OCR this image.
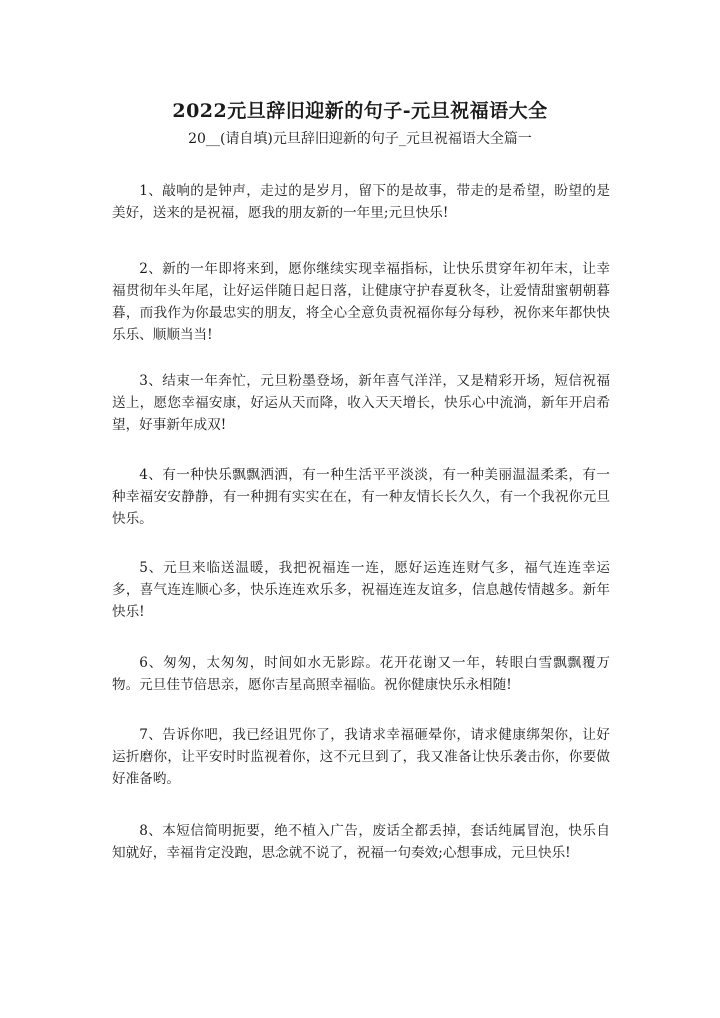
2022元旦辞旧迎新的句子-元旦祝福语大全
20__(请自填)元旦辞旧迎新的句子_元旦祝福语大全篇一

1、敲响的是钟声，走过的是岁月，留下的是故事，带走的是希望，盼望的是美好，送来的是祝福，愿我的朋友新的一年里;元旦快乐!

2、新的一年即将来到，愿你继续实现幸福指标，让快乐贯穿年初年末，让幸福贯彻年头年尾，让好运伴随日起日落，让健康守护春夏秋冬，让爱情甜蜜朝朝暮暮，而我作为你最忠实的朋友，将全心全意负责祝福你每分每秒，祝你来年都快快乐乐、顺顺当当!

3、结束一年奔忙，元旦粉墨登场，新年喜气洋洋，又是精彩开场，短信祝福送上，愿您幸福安康，好运从天而降，收入天天增长，快乐心中流淌，新年开启希望，好事新年成双!

4、有一种快乐飘飘洒洒，有一种生活平平淡淡，有一种美丽温温柔柔，有一种幸福安安静静，有一种拥有实实在在，有一种友情长长久久，有一个我祝你元旦快乐。

5、元旦来临送温暖，我把祝福连一连，愿好运连连财气多，福气连连幸运多，喜气连连顺心多，快乐连连欢乐多，祝福连连友谊多，信息越传情越多。新年快乐!

6、匆匆，太匆匆，时间如水无影踪。花开花谢又一年，转眼白雪飘飘覆万物。元旦佳节倍思亲，愿你吉星高照幸福临。祝你健康快乐永相随!

7、告诉你吧，我已经诅咒你了，我请求幸福砸晕你，请求健康绑架你，让好运折磨你，让平安时时监视着你，这不元旦到了，我又准备让快乐袭击你，你要做好准备哟。

8、本短信简明扼要，绝不植入广告，废话全都丢掉，套话纯属冒泡，快乐自知就好，幸福肯定没跑，思念就不说了，祝福一句奏效;心想事成，元旦快乐!
